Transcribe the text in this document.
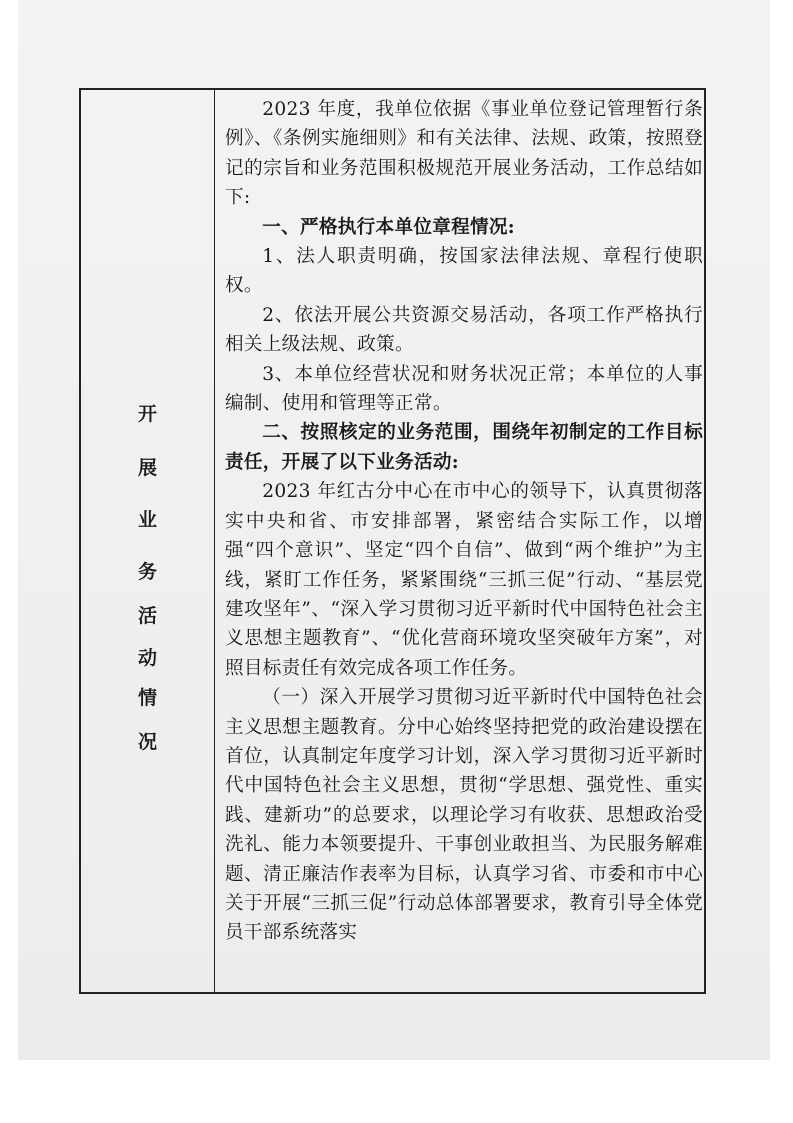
开
展
业
务
活
动
情
况

2023 年度，我单位依据《事业单位登记管理暂行条例》、《条例实施细则》和有关法律、法规、政策，按照登记的宗旨和业务范围积极规范开展业务活动，工作总结如下:

一、严格执行本单位章程情况:

1、法人职责明确，按国家法律法规、章程行使职权。

2、依法开展公共资源交易活动，各项工作严格执行相关上级法规、政策。

3、本单位经营状况和财务状况正常；本单位的人事编制、使用和管理等正常。

二、按照核定的业务范围，围绕年初制定的工作目标责任，开展了以下业务活动:

2023 年红古分中心在市中心的领导下，认真贯彻落实中央和省、市安排部署，紧密结合实际工作，以增强“四个意识”、坚定“四个自信”、做到“两个维护”为主线，紧盯工作任务，紧紧围绕“三抓三促”行动、“基层党建攻坚年”、“深入学习贯彻习近平新时代中国特色社会主义思想主题教育”、“优化营商环境攻坚突破年方案”，对照目标责任有效完成各项工作任务。

（一）深入开展学习贯彻习近平新时代中国特色社会主义思想主题教育。分中心始终坚持把党的政治建设摆在首位，认真制定年度学习计划，深入学习贯彻习近平新时代中国特色社会主义思想，贯彻“学思想、强党性、重实践、建新功”的总要求，以理论学习有收获、思想政治受洗礼、能力本领要提升、干事创业敢担当、为民服务解难题、清正廉洁作表率为目标，认真学习省、市委和市中心关于开展“三抓三促”行动总体部署要求，教育引导全体党员干部系统落实
